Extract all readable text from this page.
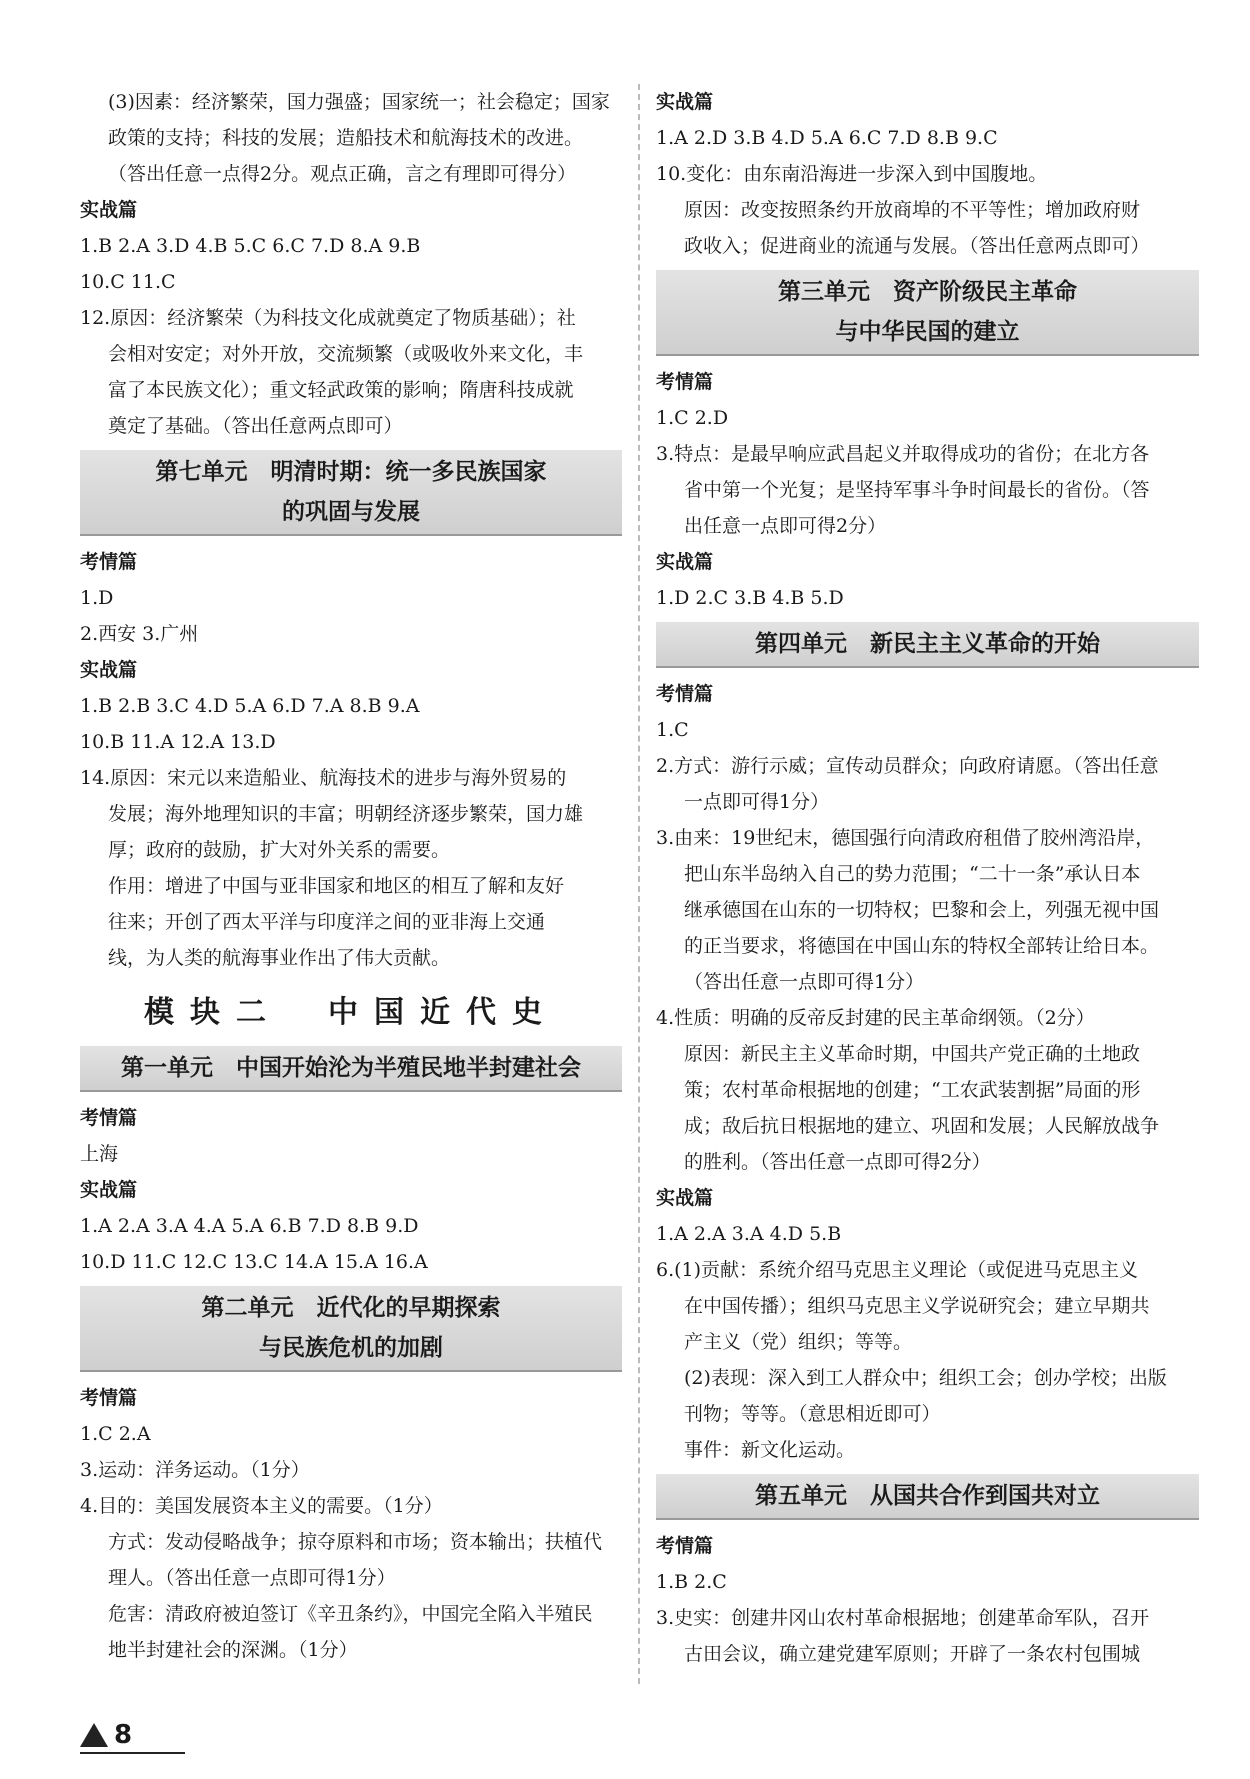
(3)因素：经济繁荣，国力强盛；国家统一；社会稳定；国家
政策的支持；科技的发展；造船技术和航海技术的改进。
（答出任意一点得2分。观点正确，言之有理即可得分）
实战篇
1.B 2.A 3.D 4.B 5.C 6.C 7.D 8.A 9.B
10.C 11.C
12.原因：经济繁荣（为科技文化成就奠定了物质基础）；社
会相对安定；对外开放，交流频繁（或吸收外来文化，丰
富了本民族文化）；重文轻武政策的影响；隋唐科技成就
奠定了基础。（答出任意两点即可）
第七单元　明清时期：统一多民族国家
的巩固与发展
考情篇
1.D
2.西安 3.广州
实战篇
1.B 2.B 3.C 4.D 5.A 6.D 7.A 8.B 9.A
10.B 11.A 12.A 13.D
14.原因：宋元以来造船业、航海技术的进步与海外贸易的
发展；海外地理知识的丰富；明朝经济逐步繁荣，国力雄
厚；政府的鼓励，扩大对外关系的需要。
作用：增进了中国与亚非国家和地区的相互了解和友好
往来；开创了西太平洋与印度洋之间的亚非海上交通
线，为人类的航海事业作出了伟大贡献。
模块二　中国近代史
第一单元　中国开始沦为半殖民地半封建社会
考情篇
上海
实战篇
1.A 2.A 3.A 4.A 5.A 6.B 7.D 8.B 9.D
10.D 11.C 12.C 13.C 14.A 15.A 16.A
第二单元　近代化的早期探索
与民族危机的加剧
考情篇
1.C 2.A
3.运动：洋务运动。（1分）
4.目的：美国发展资本主义的需要。（1分）
方式：发动侵略战争；掠夺原料和市场；资本输出；扶植代
理人。（答出任意一点即可得1分）
危害：清政府被迫签订《辛丑条约》，中国完全陷入半殖民
地半封建社会的深渊。（1分）
实战篇
1.A 2.D 3.B 4.D 5.A 6.C 7.D 8.B 9.C
10.变化：由东南沿海进一步深入到中国腹地。
原因：改变按照条约开放商埠的不平等性；增加政府财
政收入；促进商业的流通与发展。（答出任意两点即可）
第三单元　资产阶级民主革命
与中华民国的建立
考情篇
1.C 2.D
3.特点：是最早响应武昌起义并取得成功的省份；在北方各
省中第一个光复；是坚持军事斗争时间最长的省份。（答
出任意一点即可得2分）
实战篇
1.D 2.C 3.B 4.B 5.D
第四单元　新民主主义革命的开始
考情篇
1.C
2.方式：游行示威；宣传动员群众；向政府请愿。（答出任意
一点即可得1分）
3.由来：19世纪末，德国强行向清政府租借了胶州湾沿岸，
把山东半岛纳入自己的势力范围；“二十一条”承认日本
继承德国在山东的一切特权；巴黎和会上，列强无视中国
的正当要求，将德国在中国山东的特权全部转让给日本。
（答出任意一点即可得1分）
4.性质：明确的反帝反封建的民主革命纲领。（2分）
原因：新民主主义革命时期，中国共产党正确的土地政
策；农村革命根据地的创建；“工农武装割据”局面的形
成；敌后抗日根据地的建立、巩固和发展；人民解放战争
的胜利。（答出任意一点即可得2分）
实战篇
1.A 2.A 3.A 4.D 5.B
6.(1)贡献：系统介绍马克思主义理论（或促进马克思主义
在中国传播）；组织马克思主义学说研究会；建立早期共
产主义（党）组织；等等。
(2)表现：深入到工人群众中；组织工会；创办学校；出版
刊物；等等。（意思相近即可）
事件：新文化运动。
第五单元　从国共合作到国共对立
考情篇
1.B 2.C
3.史实：创建井冈山农村革命根据地；创建革命军队，召开
古田会议，确立建党建军原则；开辟了一条农村包围城
8
